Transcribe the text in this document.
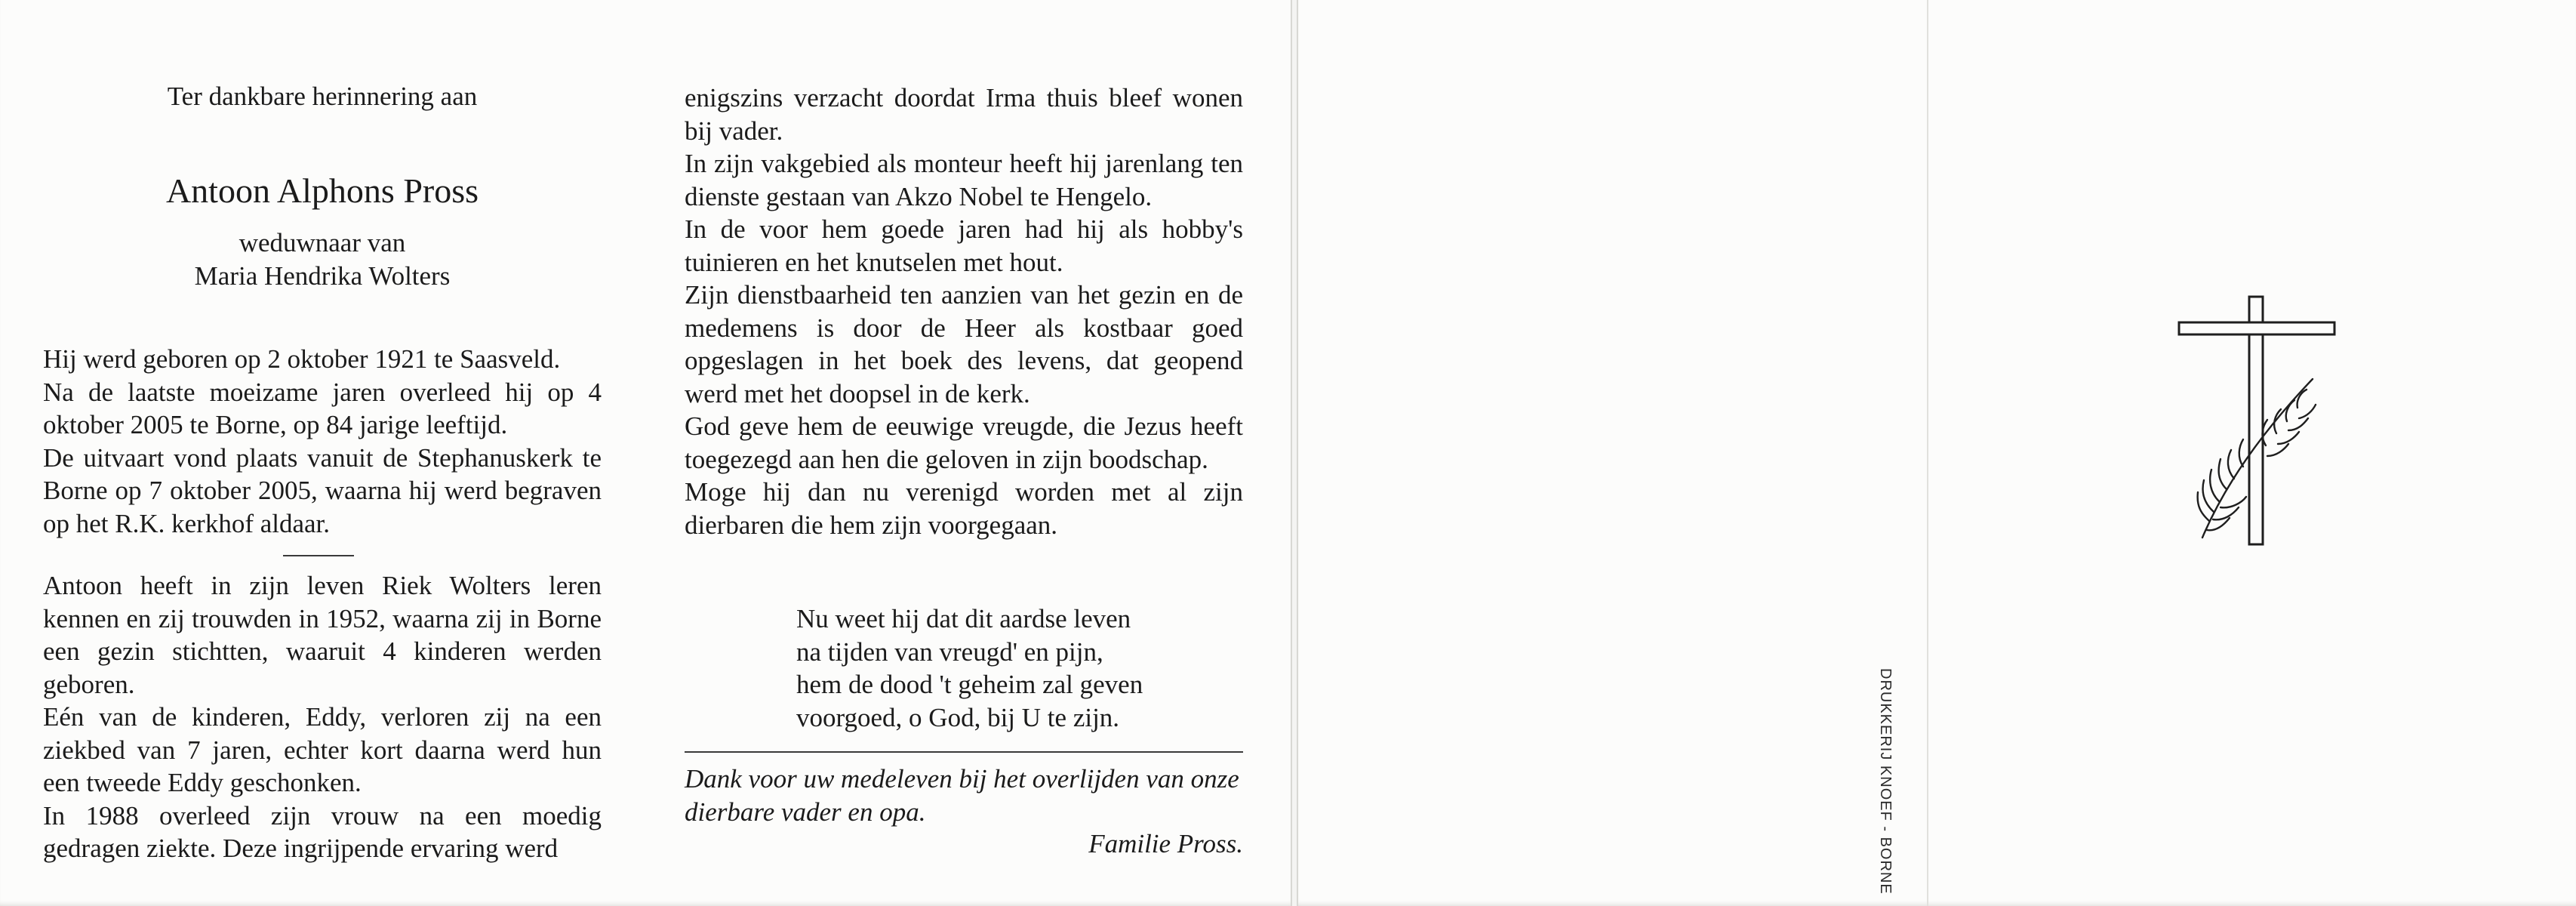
Ter dankbare herinnering aan
Antoon Alphons Pross
weduwnaar van
Maria Hendrika Wolters

Hij werd geboren op 2 oktober 1921 te Saasveld.

Na de laatste moeizame jaren overleed hij op 4 oktober 2005 te Borne, op 84 jarige leeftijd.

De uitvaart vond plaats vanuit de Stephanuskerk te Borne op 7 oktober 2005, waarna hij werd begraven op het R.K. kerkhof aldaar.

Antoon heeft in zijn leven Riek Wolters leren kennen en zij trouwden in 1952, waarna zij in Borne een gezin stichtten, waaruit 4 kinderen werden geboren.

Eén van de kinderen, Eddy, verloren zij na een ziekbed van 7 jaren, echter kort daarna werd hun een tweede Eddy geschonken.

In 1988 overleed zijn vrouw na een moedig gedragen ziekte. Deze ingrijpende ervaring werd

enigszins verzacht doordat Irma thuis bleef wonen bij vader.

In zijn vakgebied als monteur heeft hij jarenlang ten dienste gestaan van Akzo Nobel te Hengelo.

In de voor hem goede jaren had hij als hobby's tuinieren en het knutselen met hout.

Zijn dienstbaarheid ten aanzien van het gezin en de medemens is door de Heer als kostbaar goed opgeslagen in het boek des levens, dat geopend werd met het doopsel in de kerk.

God geve hem de eeuwige vreugde, die Jezus heeft toegezegd aan hen die geloven in zijn boodschap.

Moge hij dan nu verenigd worden met al zijn dierbaren die hem zijn voorgegaan.

Nu weet hij dat dit aardse leven
na tijden van vreugd' en pijn,
hem de dood 't geheim zal geven
voorgoed, o God, bij U te zijn.
Dank voor uw medeleven bij het overlijden van onze dierbare vader en opa.
Familie Pross.	DRUKKERIJ KNOEF - BORNE
